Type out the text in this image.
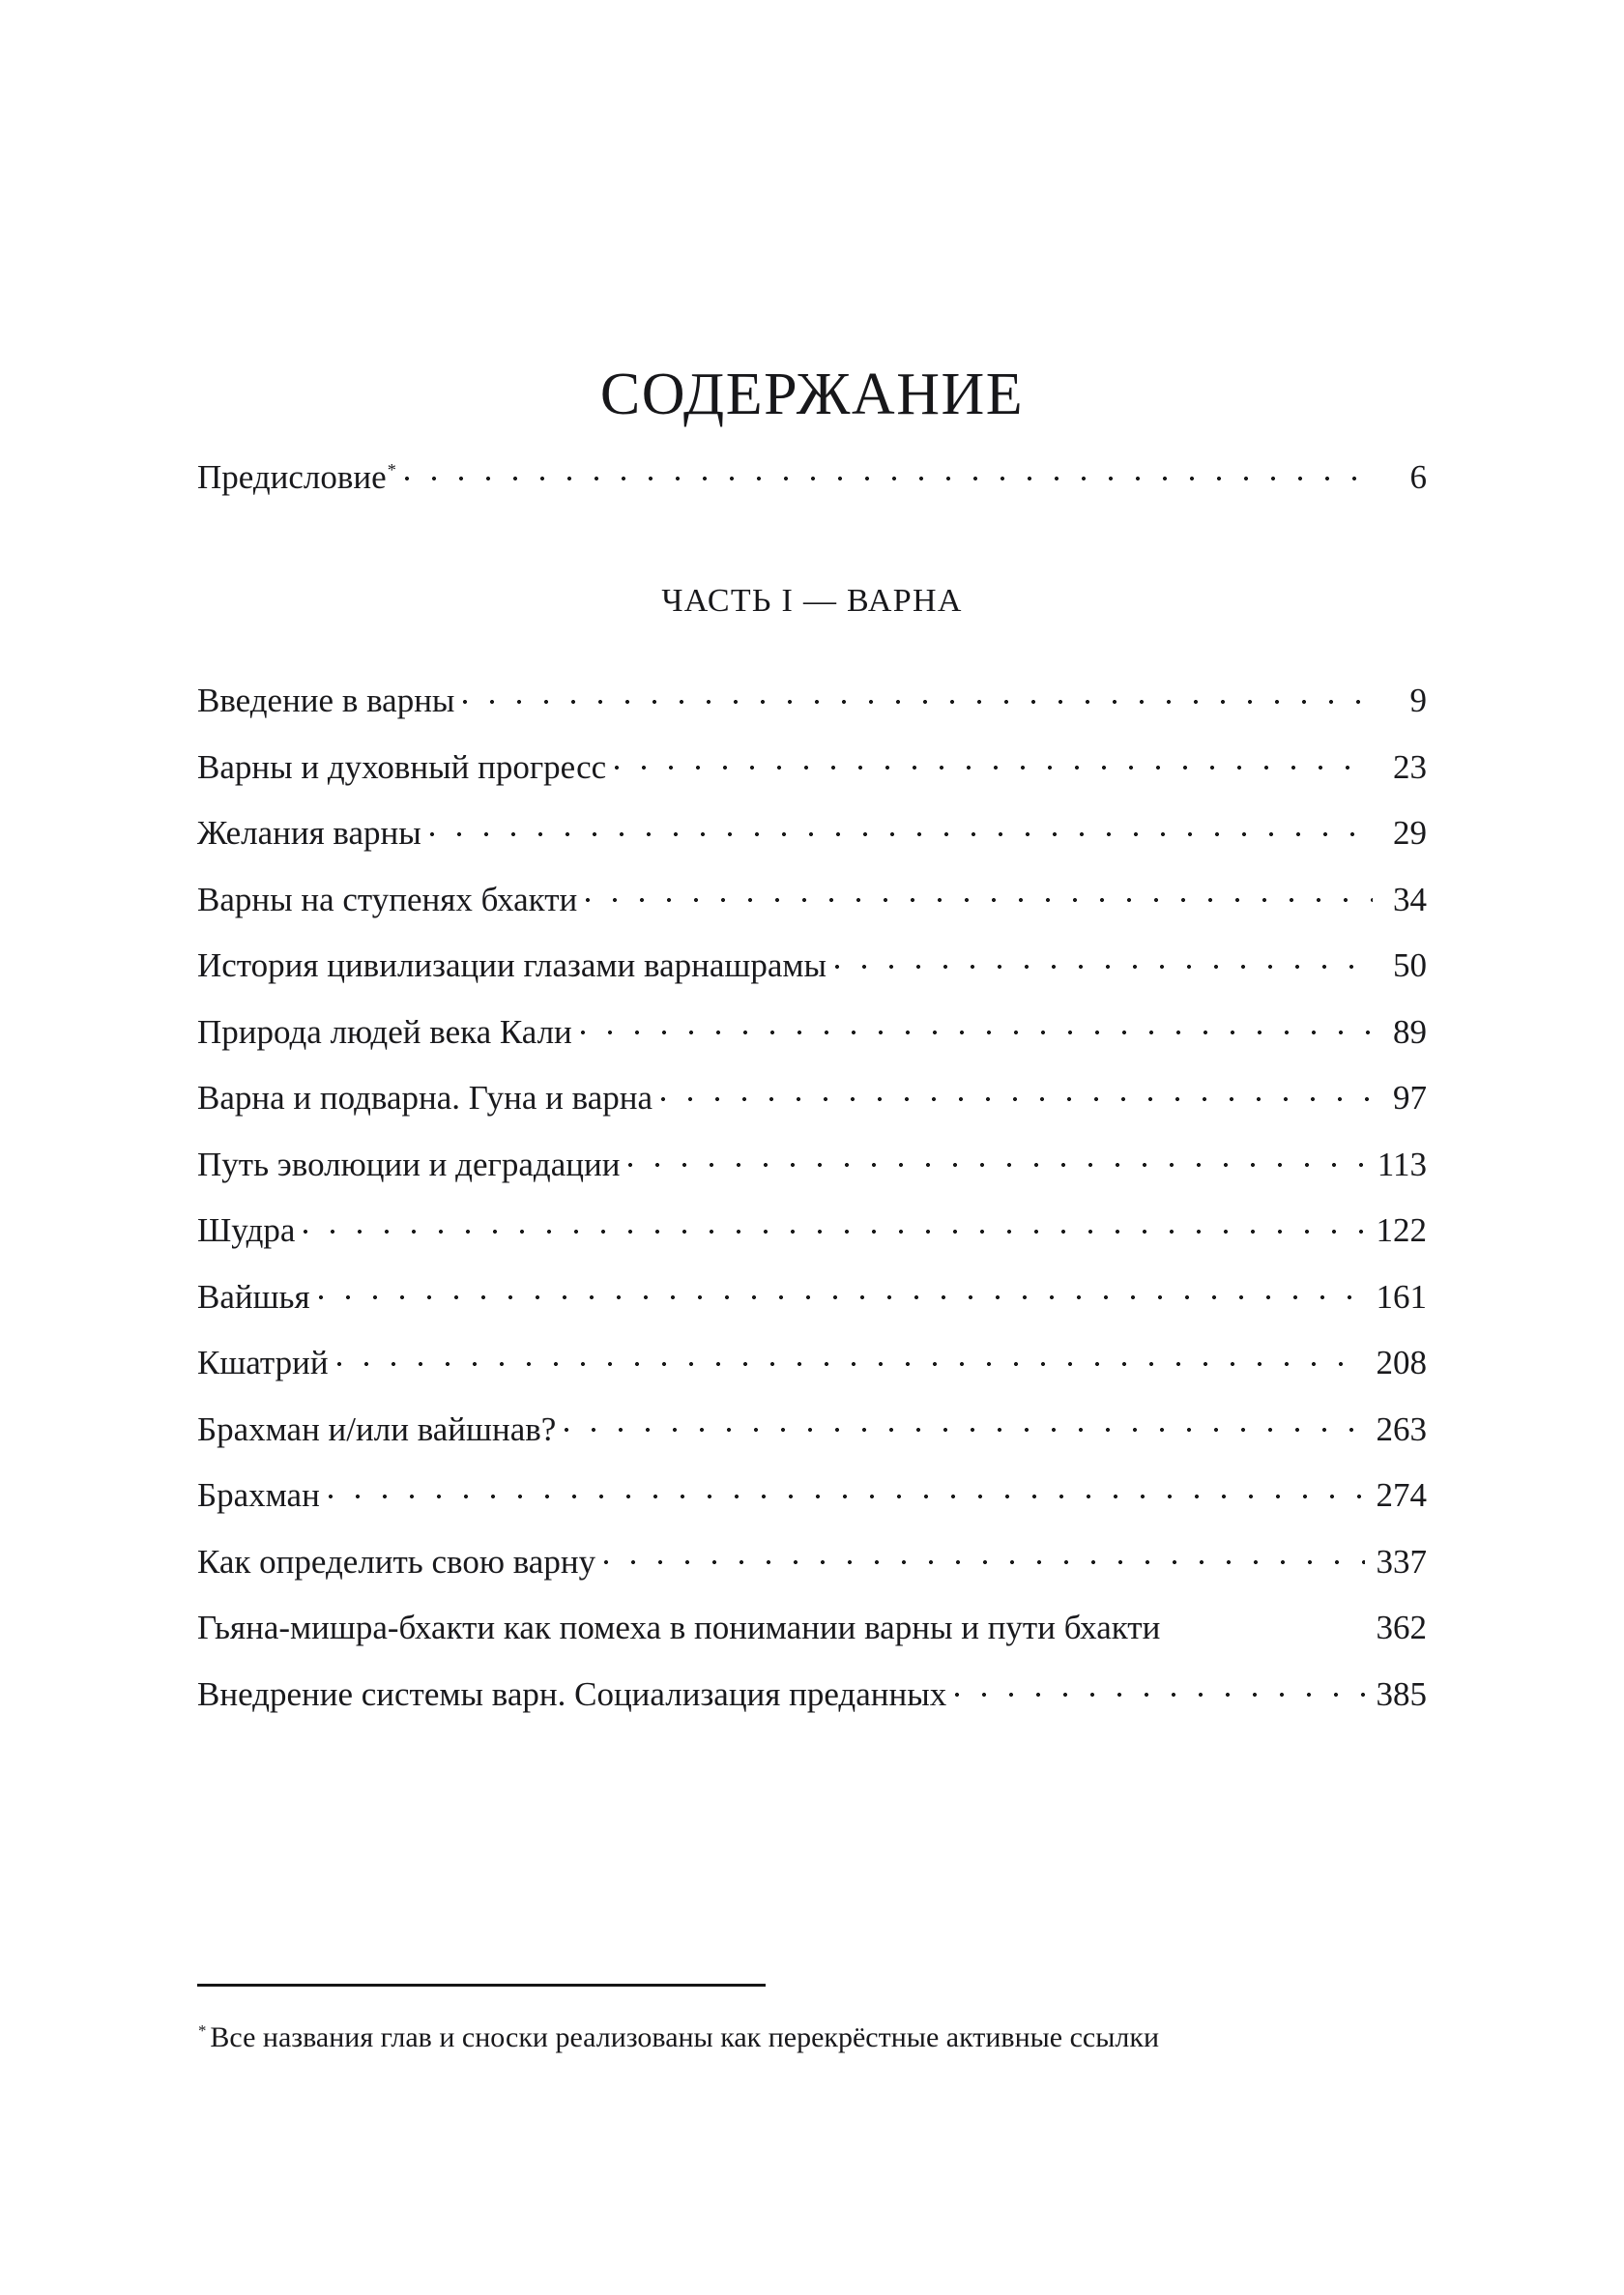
СОДЕРЖАНИЕ
Предисловие*	6
ЧАСТЬ I — ВАРНА
Введение в варны	9
Варны и духовный прогресс	23
Желания варны	29
Варны на ступенях бхакти	34
История цивилизации глазами варнашрамы	50
Природа людей века Кали	89
Варна и подварна. Гуна и варна	97
Путь эволюции и деградации	113
Шудра	122
Вайшья	161
Кшатрий	208
Брахман и/или вайшнав?	263
Брахман	274
Как определить свою варну	337
Гьяна-мишра-бхакти как помеха в понимании варны и пути бхакти	362
Внедрение системы варн. Социализация преданных	385
* Все названия глав и сноски реализованы как перекрёстные активные ссылки
